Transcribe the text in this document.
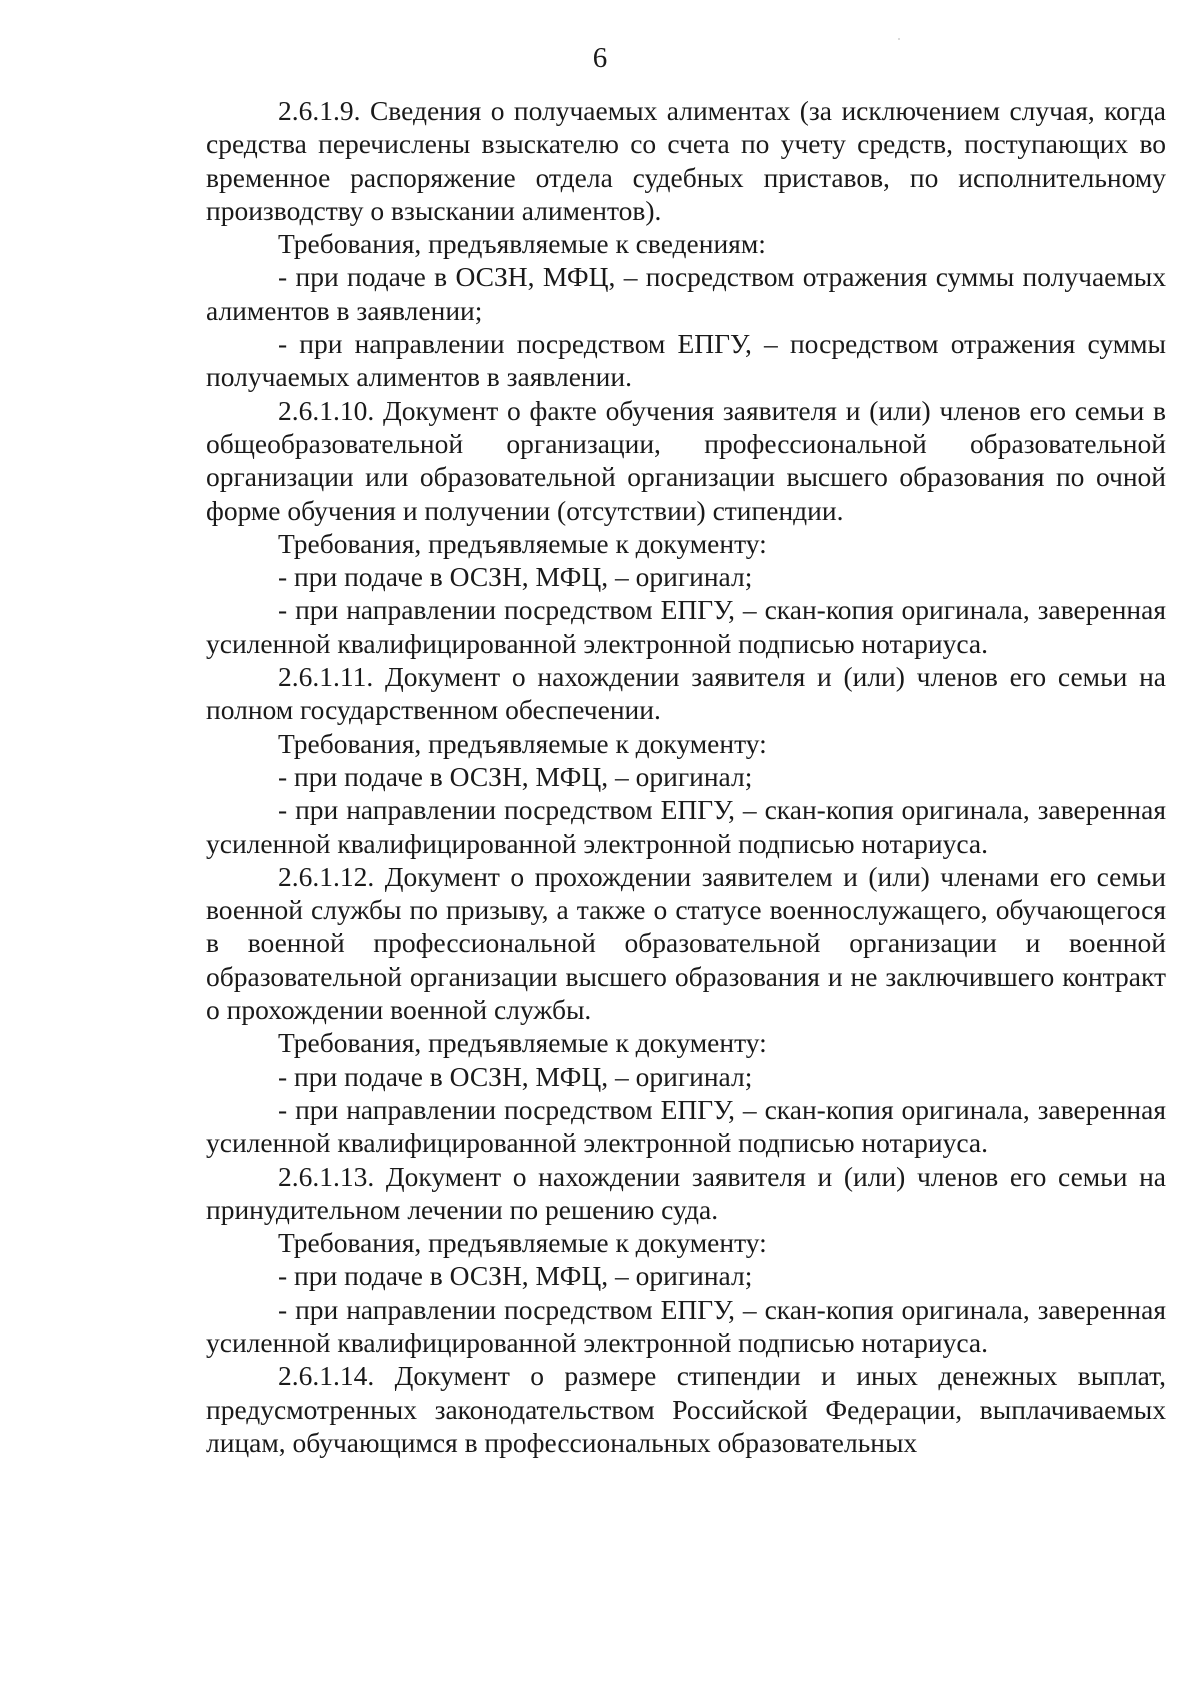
6

2.6.1.9. Сведения о получаемых алиментах (за исключением случая, когда средства перечислены взыскателю со счета по учету средств, поступающих во временное распоряжение отдела судебных приставов, по исполнительному производству о взыскании алиментов).

Требования, предъявляемые к сведениям:

- при подаче в ОСЗН, МФЦ, – посредством отражения суммы получаемых алиментов в заявлении;

- при направлении посредством ЕПГУ, – посредством отражения суммы получаемых алиментов в заявлении.

2.6.1.10. Документ о факте обучения заявителя и (или) членов его семьи в общеобразовательной организации, профессиональной образовательной организации или образовательной организации высшего образования по очной форме обучения и получении (отсутствии) стипендии.

Требования, предъявляемые к документу:

- при подаче в ОСЗН, МФЦ, – оригинал;

- при направлении посредством ЕПГУ, – скан-копия оригинала, заверенная усиленной квалифицированной электронной подписью нотариуса.

2.6.1.11. Документ о нахождении заявителя и (или) членов его семьи на полном государственном обеспечении.

Требования, предъявляемые к документу:

- при подаче в ОСЗН, МФЦ, – оригинал;

- при направлении посредством ЕПГУ, – скан-копия оригинала, заверенная усиленной квалифицированной электронной подписью нотариуса.

2.6.1.12. Документ о прохождении заявителем и (или) членами его семьи военной службы по призыву, а также о статусе военнослужащего, обучающегося в военной профессиональной образовательной организации и военной образовательной организации высшего образования и не заключившего контракт о прохождении военной службы.

Требования, предъявляемые к документу:

- при подаче в ОСЗН, МФЦ, – оригинал;

- при направлении посредством ЕПГУ, – скан-копия оригинала, заверенная усиленной квалифицированной электронной подписью нотариуса.

2.6.1.13. Документ о нахождении заявителя и (или) членов его семьи на принудительном лечении по решению суда.

Требования, предъявляемые к документу:

- при подаче в ОСЗН, МФЦ, – оригинал;

- при направлении посредством ЕПГУ, – скан-копия оригинала, заверенная усиленной квалифицированной электронной подписью нотариуса.

2.6.1.14. Документ о размере стипендии и иных денежных выплат, предусмотренных законодательством Российской Федерации, выплачиваемых лицам, обучающимся в профессиональных образовательных
